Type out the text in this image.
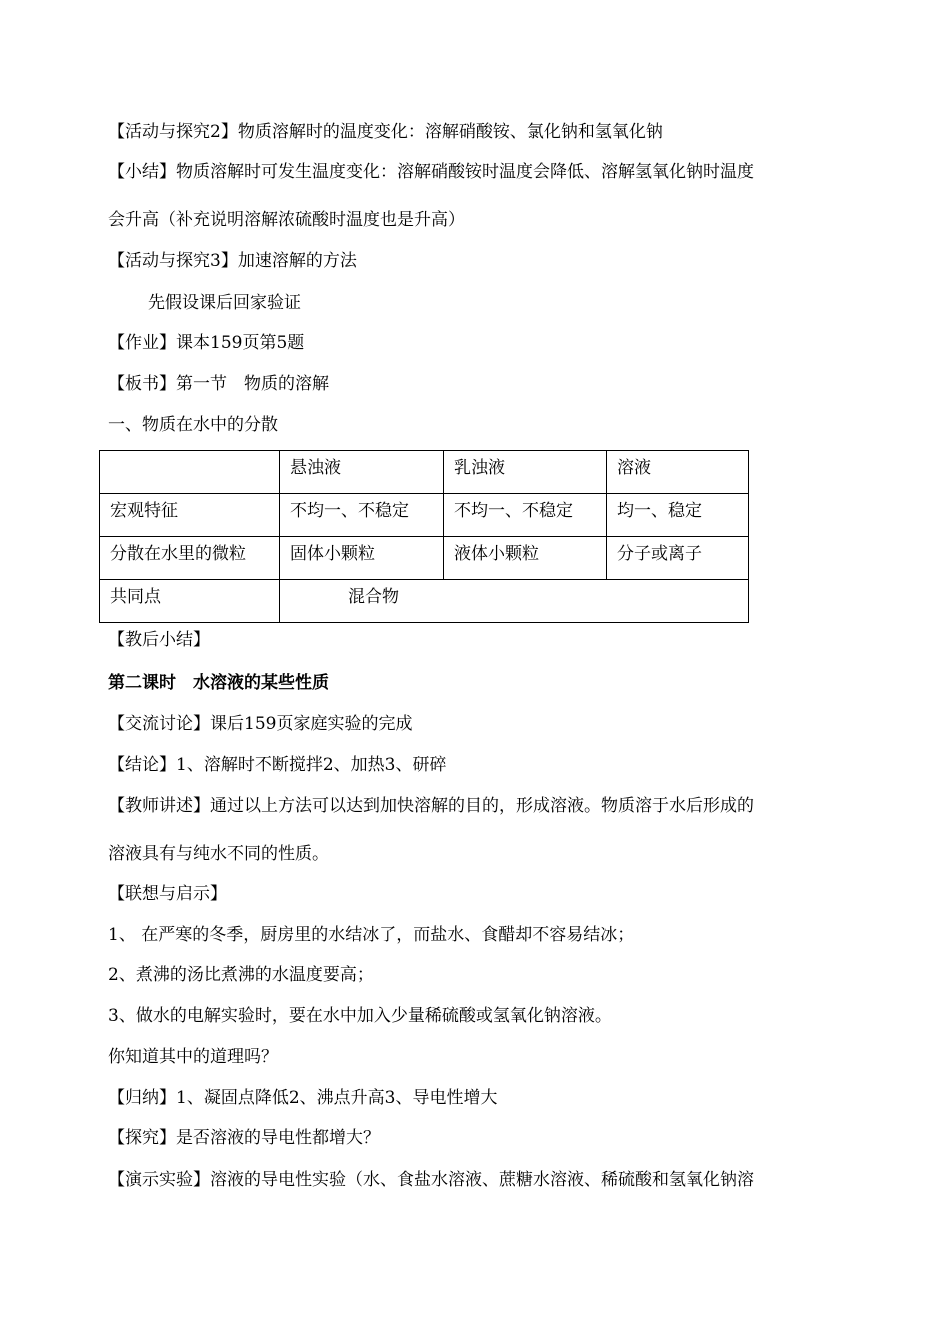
【活动与探究2】物质溶解时的温度变化：溶解硝酸铵、氯化钠和氢氧化钠
【小结】物质溶解时可发生温度变化：溶解硝酸铵时温度会降低、溶解氢氧化钠时温度
会升高（补充说明溶解浓硫酸时温度也是升高）
【活动与探究3】加速溶解的方法
先假设课后回家验证
【作业】课本159页第5题
【板书】第一节　物质的溶解
一、物质在水中的分散
	悬浊液	乳浊液	溶液
宏观特征	不均一、不稳定	不均一、不稳定	均一、稳定
分散在水里的微粒	固体小颗粒	液体小颗粒	分子或离子
共同点	混合物		
【教后小结】
第二课时　水溶液的某些性质
【交流讨论】课后159页家庭实验的完成
【结论】1、溶解时不断搅拌2、加热3、研碎
【教师讲述】通过以上方法可以达到加快溶解的目的，形成溶液。物质溶于水后形成的
溶液具有与纯水不同的性质。
【联想与启示】
1、 在严寒的冬季，厨房里的水结冰了，而盐水、食醋却不容易结冰；
2、煮沸的汤比煮沸的水温度要高；
3、做水的电解实验时，要在水中加入少量稀硫酸或氢氧化钠溶液。
你知道其中的道理吗？
【归纳】1、凝固点降低2、沸点升高3、导电性增大
【探究】是否溶液的导电性都增大？
【演示实验】溶液的导电性实验（水、食盐水溶液、蔗糖水溶液、稀硫酸和氢氧化钠溶
